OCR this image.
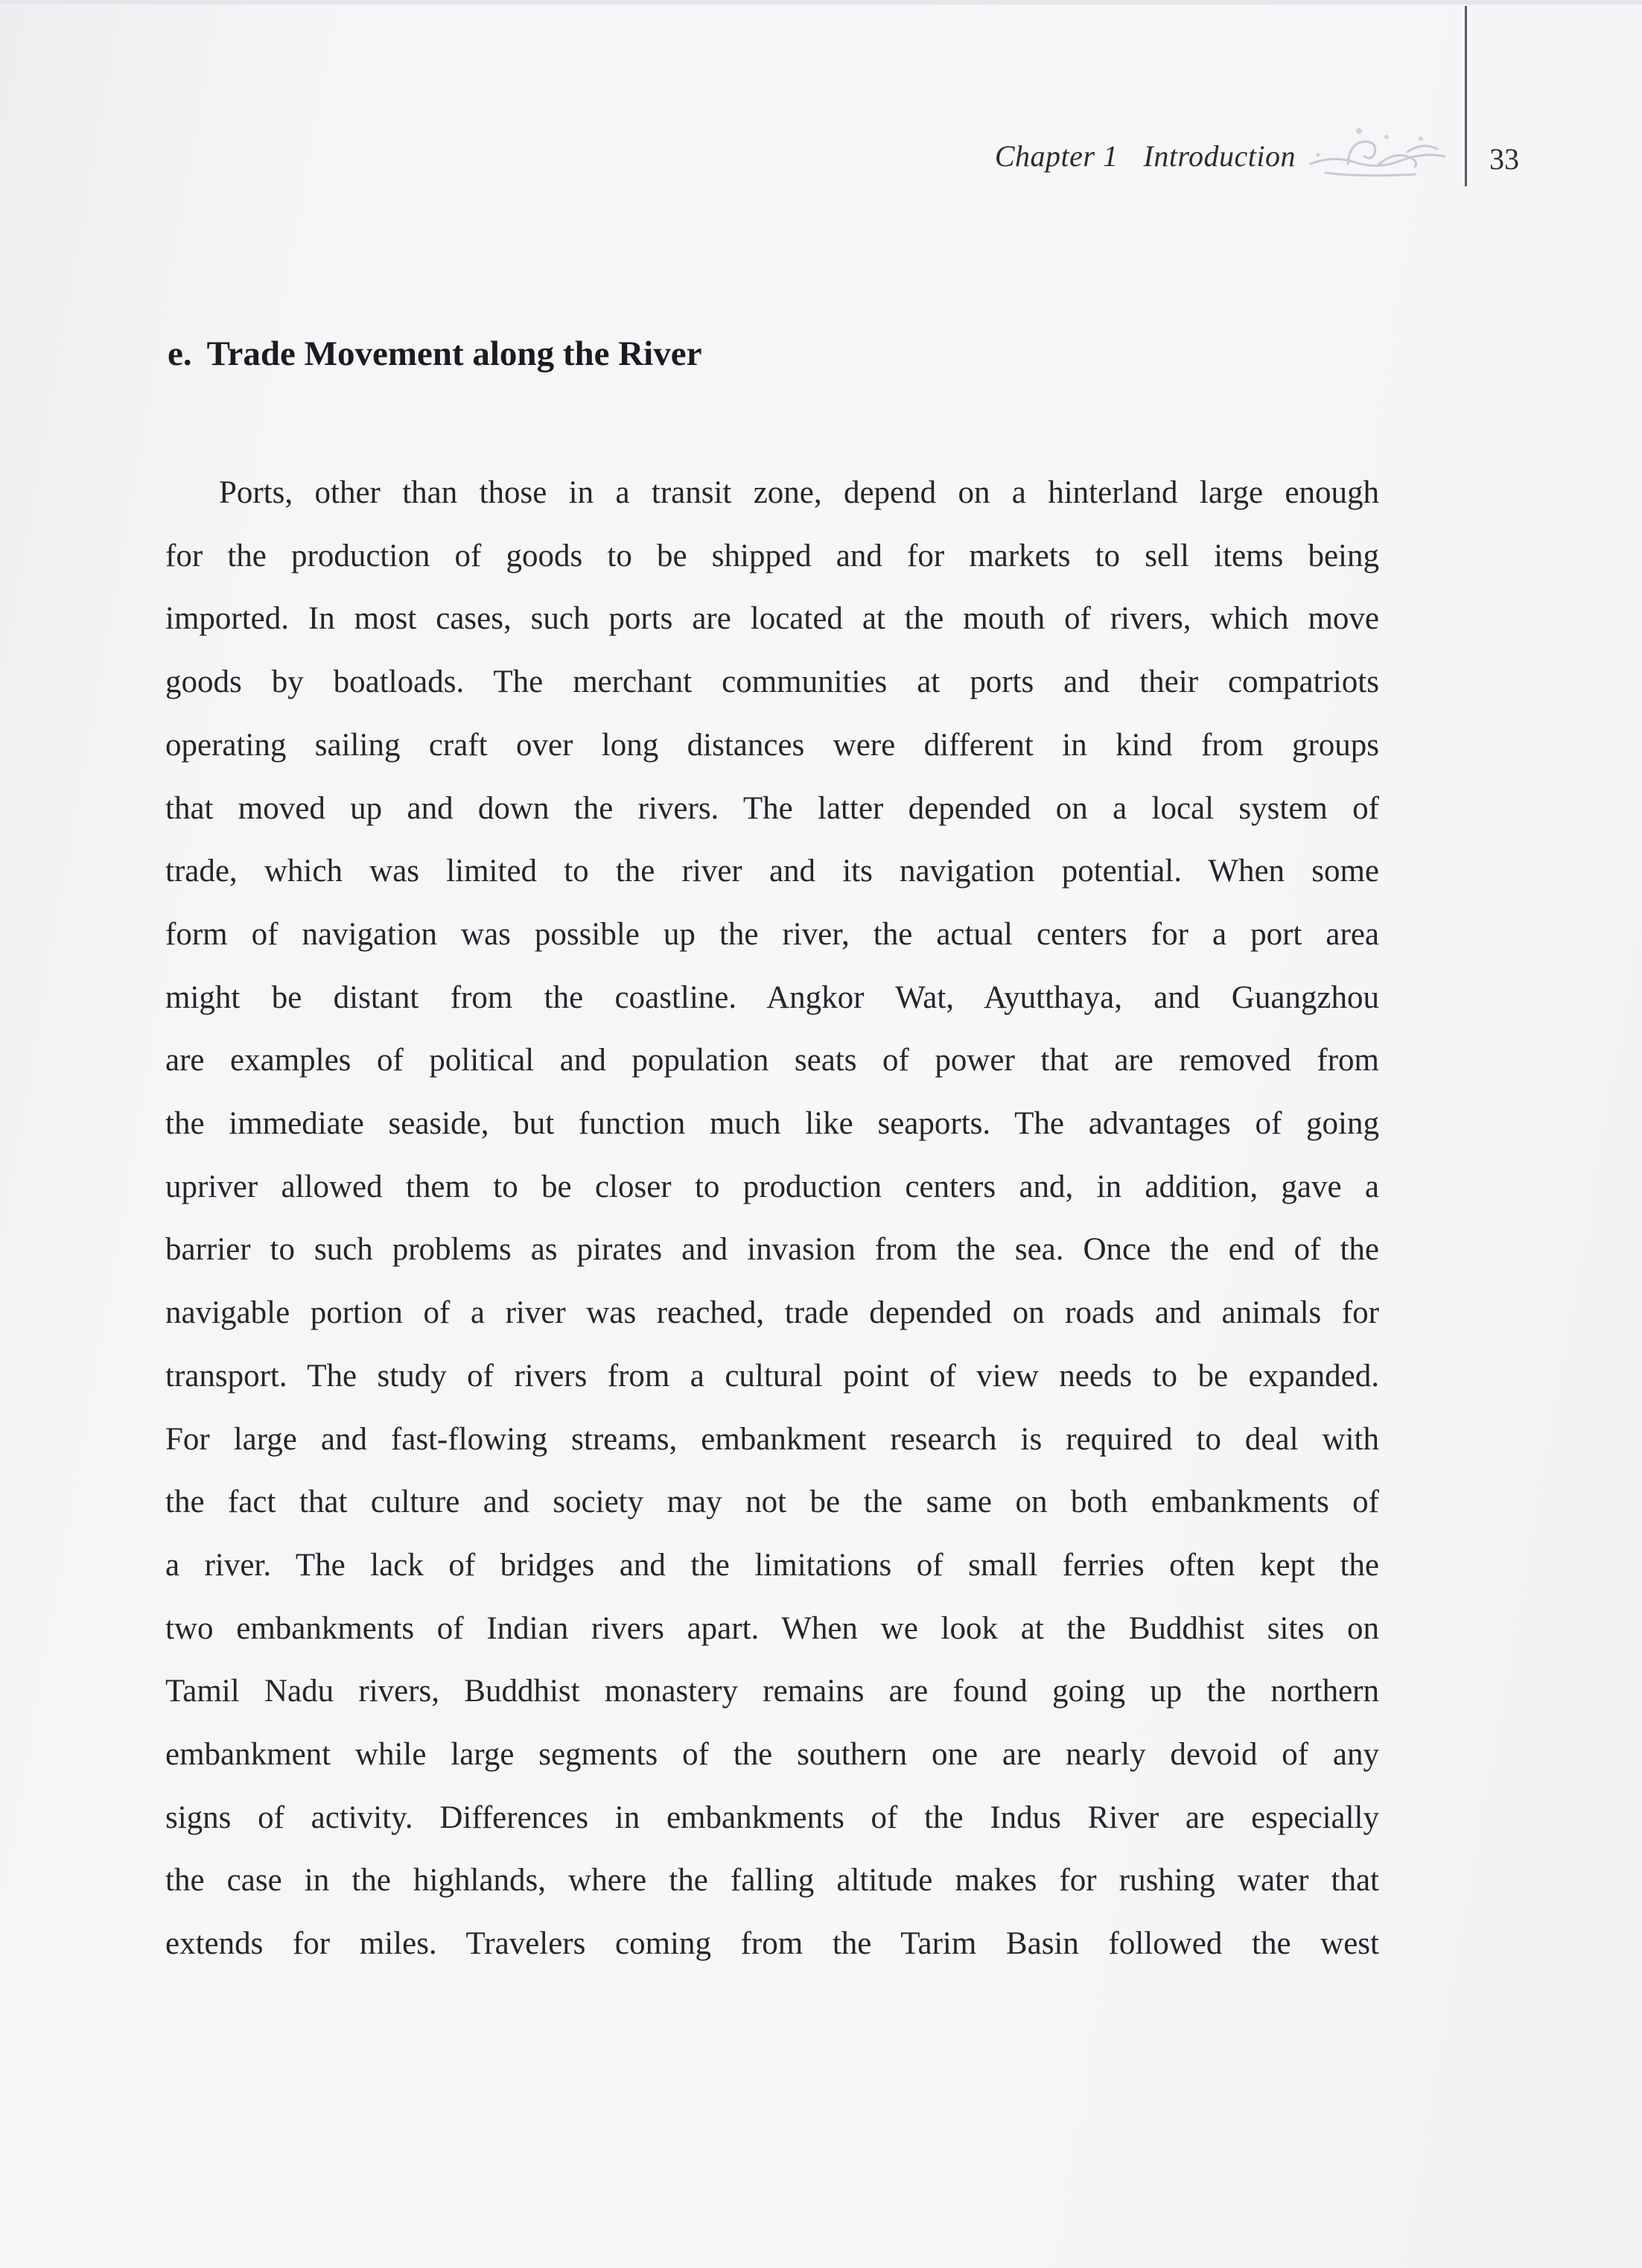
Chapter 1 Introduction	33
e. Trade Movement along the River
Ports, other than those in a transit zone, depend on a hinterland large enough
for the production of goods to be shipped and for markets to sell items being
imported. In most cases, such ports are located at the mouth of rivers, which move
goods by boatloads. The merchant communities at ports and their compatriots
operating sailing craft over long distances were different in kind from groups
that moved up and down the rivers. The latter depended on a local system of
trade, which was limited to the river and its navigation potential. When some
form of navigation was possible up the river, the actual centers for a port area
might be distant from the coastline. Angkor Wat, Ayutthaya, and Guangzhou
are examples of political and population seats of power that are removed from
the immediate seaside, but function much like seaports. The advantages of going
upriver allowed them to be closer to production centers and, in addition, gave a
barrier to such problems as pirates and invasion from the sea. Once the end of the
navigable portion of a river was reached, trade depended on roads and animals for
transport. The study of rivers from a cultural point of view needs to be expanded.
For large and fast-flowing streams, embankment research is required to deal with
the fact that culture and society may not be the same on both embankments of
a river. The lack of bridges and the limitations of small ferries often kept the
two embankments of Indian rivers apart. When we look at the Buddhist sites on
Tamil Nadu rivers, Buddhist monastery remains are found going up the northern
embankment while large segments of the southern one are nearly devoid of any
signs of activity. Differences in embankments of the Indus River are especially
the case in the highlands, where the falling altitude makes for rushing water that
extends for miles. Travelers coming from the Tarim Basin followed the west
